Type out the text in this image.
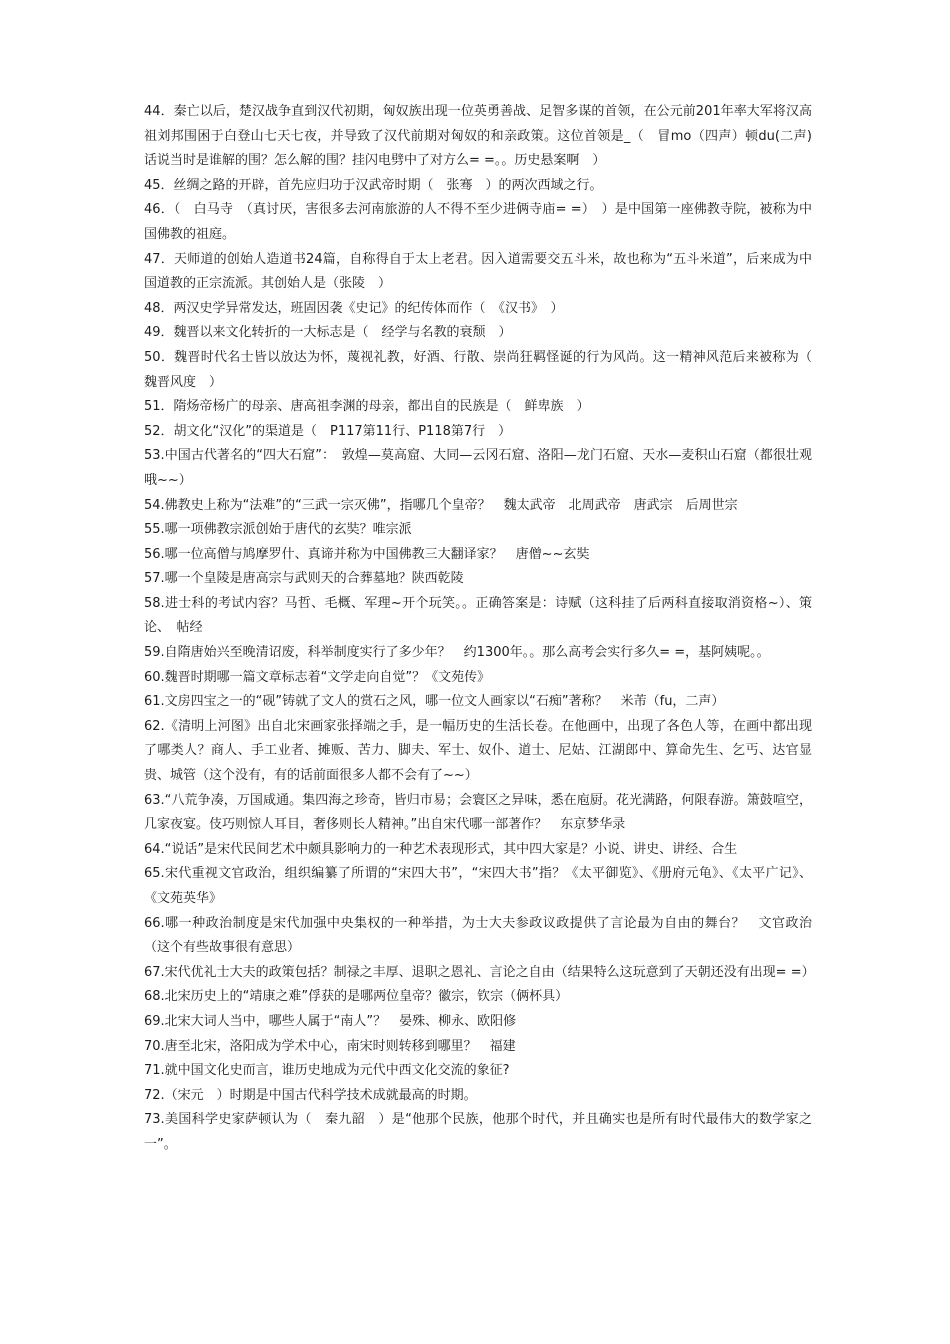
44．秦亡以后，楚汉战争直到汉代初期，匈奴族出现一位英勇善战、足智多谋的首领，在公元前201年率大军将汉高祖刘邦围困于白登山七天七夜，并导致了汉代前期对匈奴的和亲政策。这位首领是_（　冒mo（四声）顿du(二声)　话说当时是谁解的围？怎么解的围？挂闪电劈中了对方么= =。。历史悬案啊　）

45．丝绸之路的开辟，首先应归功于汉武帝时期（　张骞　）的两次西域之行。

46．（　白马寺　（真讨厌，害很多去河南旅游的人不得不至少进俩寺庙= =）　）是中国第一座佛教寺院，被称为中国佛教的祖庭。

47．天师道的创始人造道书24篇，自称得自于太上老君。因入道需要交五斗米，故也称为“五斗米道”，后来成为中国道教的正宗流派。其创始人是（张陵　）

48．两汉史学异常发达，班固因袭《史记》的纪传体而作（　《汉书》　）

49．魏晋以来文化转折的一大标志是（　经学与名教的衰颓　）

50．魏晋时代名士皆以放达为怀，蔑视礼教，好酒、行散、崇尚狂羁怪诞的行为风尚。这一精神风范后来被称为（　魏晋风度　）

51．隋炀帝杨广的母亲、唐高祖李渊的母亲，都出自的民族是（　鲜卑族　）

52．胡文化“汉化”的渠道是（　P117第11行、P118第7行　）

53.中国古代著名的“四大石窟”：　敦煌—莫高窟、大同—云冈石窟、洛阳—龙门石窟、天水—麦积山石窟（都很壮观哦~~）

54.佛教史上称为“法难”的“三武一宗灭佛”，指哪几个皇帝？　魏太武帝　北周武帝　唐武宗　后周世宗

55.哪一项佛教宗派创始于唐代的玄奘？唯宗派

56.哪一位高僧与鸠摩罗什、真谛并称为中国佛教三大翻译家？　唐僧~~玄奘

57.哪一个皇陵是唐高宗与武则天的合葬墓地？陕西乾陵

58.进士科的考试内容？马哲、毛概、军理~开个玩笑。。正确答案是：诗赋（这科挂了后两科直接取消资格~）、策论、　帖经

59.自隋唐始兴至晚清诏废，科举制度实行了多少年？　约1300年。。那么高考会实行多久= =，基阿姨呢。。

60.魏晋时期哪一篇文章标志着“文学走向自觉”？《文苑传》

61.文房四宝之一的“砚”铸就了文人的赏石之风，哪一位文人画家以“石痴”著称？　米芾（fu，二声）

62.《清明上河图》出自北宋画家张择端之手，是一幅历史的生活长卷。在他画中，出现了各色人等，在画中都出现了哪类人？商人、手工业者、摊贩、苦力、脚夫、军士、奴仆、道士、尼姑、江湖郎中、算命先生、乞丐、达官显贵、城管（这个没有，有的话前面很多人都不会有了~~）

63.“八荒争凑，万国咸通。集四海之珍奇，皆归市易；会寰区之异味，悉在庖厨。花光满路，何限春游。箫鼓喧空，几家夜宴。伎巧则惊人耳目，奢侈则长人精神。”出自宋代哪一部著作？　东京梦华录

64.“说话”是宋代民间艺术中颇具影响力的一种艺术表现形式，其中四大家是？小说、讲史、讲经、合生

65.宋代重视文官政治，组织编纂了所谓的“宋四大书”，“宋四大书”指？《太平御览》、《册府元龟》、《太平广记》、《文苑英华》

66.哪一种政治制度是宋代加强中央集权的一种举措，为士大夫参政议政提供了言论最为自由的舞台？　文官政治（这个有些故事很有意思）

67.宋代优礼士大夫的政策包括？制禄之丰厚、退职之恩礼、言论之自由（结果特么这玩意到了天朝还没有出现= =）

68.北宋历史上的“靖康之难”俘获的是哪两位皇帝？徽宗，钦宗（俩杯具）

69.北宋大词人当中，哪些人属于“南人”？　晏殊、柳永、欧阳修

70.唐至北宋，洛阳成为学术中心，南宋时则转移到哪里？　福建

71.就中国文化史而言，谁历史地成为元代中西文化交流的象征?

72.（宋元　）时期是中国古代科学技术成就最高的时期。

73.美国科学史家萨顿认为（　秦九韶　）是“他那个民族，他那个时代，并且确实也是所有时代最伟大的数学家之一”。
